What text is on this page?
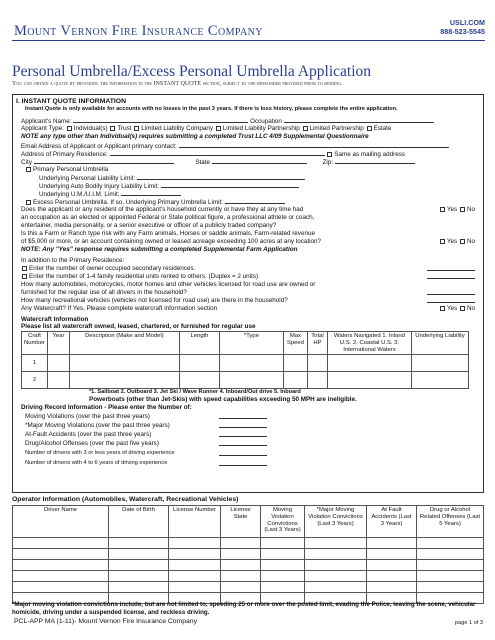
Mount Vernon Fire Insurance Company
USLI.COM
888-523-5545
Personal Umbrella/Excess Personal Umbrella Application
You can obtain a quote by providing the information in the INSTANT QUOTE section, subject to the remainder provided prior to binding.
I. INSTANT QUOTE INFORMATION
Instant Quote is only available for accounts with no losses in the past 3 years. If there is loss history, please complete the entire application.
Applicant's Name:	Occupation
Applicant Type: Individual(s) Trust Limited Liability Company Limited Liability Partnership Limited Partnership Estate
NOTE any type other than Individual(s) requires submitting a completed Trust LLC 4/09 Supplemental Questionnaire
Email Address of Applicant or Applicant primary contact:
Address of Primary Residence:	Same as mailing address
City	State	Zip:
Primary Personal Umbrella
Underlying Personal Liability Limit:
Underlying Auto Bodily Injury Liability Limit:
Underlying U.M./U.I.M. Limit:
Excess Personal Umbrella. If so, Underlying Primary Umbrella Limit:
Does the applicant or any resident of the applicant's household currently or have they at any time had	Yes No
an occupation as an elected or appointed Federal or State political figure, a professional athlete or coach,
entertainer, media personality, or a senior executive or officer of a publicly traded company?
Is this a Farm or Ranch type risk with any Farm animals, Horses or saddle animals, Farm-related revenue
of $5,000 or more, or an account containing owned or leased acreage exceeding 100 acres at any location?	Yes No
NOTE: Any "Yes" response requires submitting a completed Supplemental Farm Application
In addition to the Primary Residence:
Enter the number of owner occupied secondary residences.
Enter the number of 1-4 family residential units rented to others. (Duplex = 2 units)
How many automobiles, motorcycles, motor homes and other vehicles licensed for road use are owned or
furnished for the regular use of all drivers in the household?
How many recreational vehicles (vehicles not licensed for road use) are there in the household?
Any Watercraft? If Yes, Please complete watercraft information section	Yes No
Watercraft Information
Please list all watercraft owned, leased, chartered, or furnished for regular use
Craft Number	Year	Description (Make and Model)	Length	*Type	Max Speed	Total HP	Waters Navigated 1. Inland U.S. 2. Coastal U.S. 3. International Waters	Underlying Liability
1								
2								
*1. Sailboat 2. Outboard 3. Jet Ski / Wave Runner 4. Inboard/Out drive 5. Inboard
Powerboats (other than Jet-Skis) with speed capabilities exceeding 50 MPH are ineligible.
Driving Record Information - Please enter the Number of:
Moving Violations (over the past three years)
*Major Moving Violations (over the past three years)
At-Fault Accidents (over the past three years)
Drug/Alcohol Offenses (over the past five years)
Number of drivers with 3 or less years of driving experience
Number of drivers with 4 to 6 years of driving experience
Operator Information (Automobiles, Watercraft, Recreational Vehicles)
Driver Name	Date of Birth	License Number	License State	Moving Violation Convictions (Last 3 Years)	*Major Moving Violation Convictions (Last 3 Years)	At Fault Accidents (Last 3 Years)	Drug or Alcohol Related Offenses (Last 5 Years)

*Major moving violation convictions include, but are not limited to, speeding 25 or more over the posted limit, evading the Police, leaving the scene, vehicular homicide, driving under a suspended license, and reckless driving.
PCL-APP MA (1-11)- Mount Vernon Fire Insurance Company	page 1 of 3
